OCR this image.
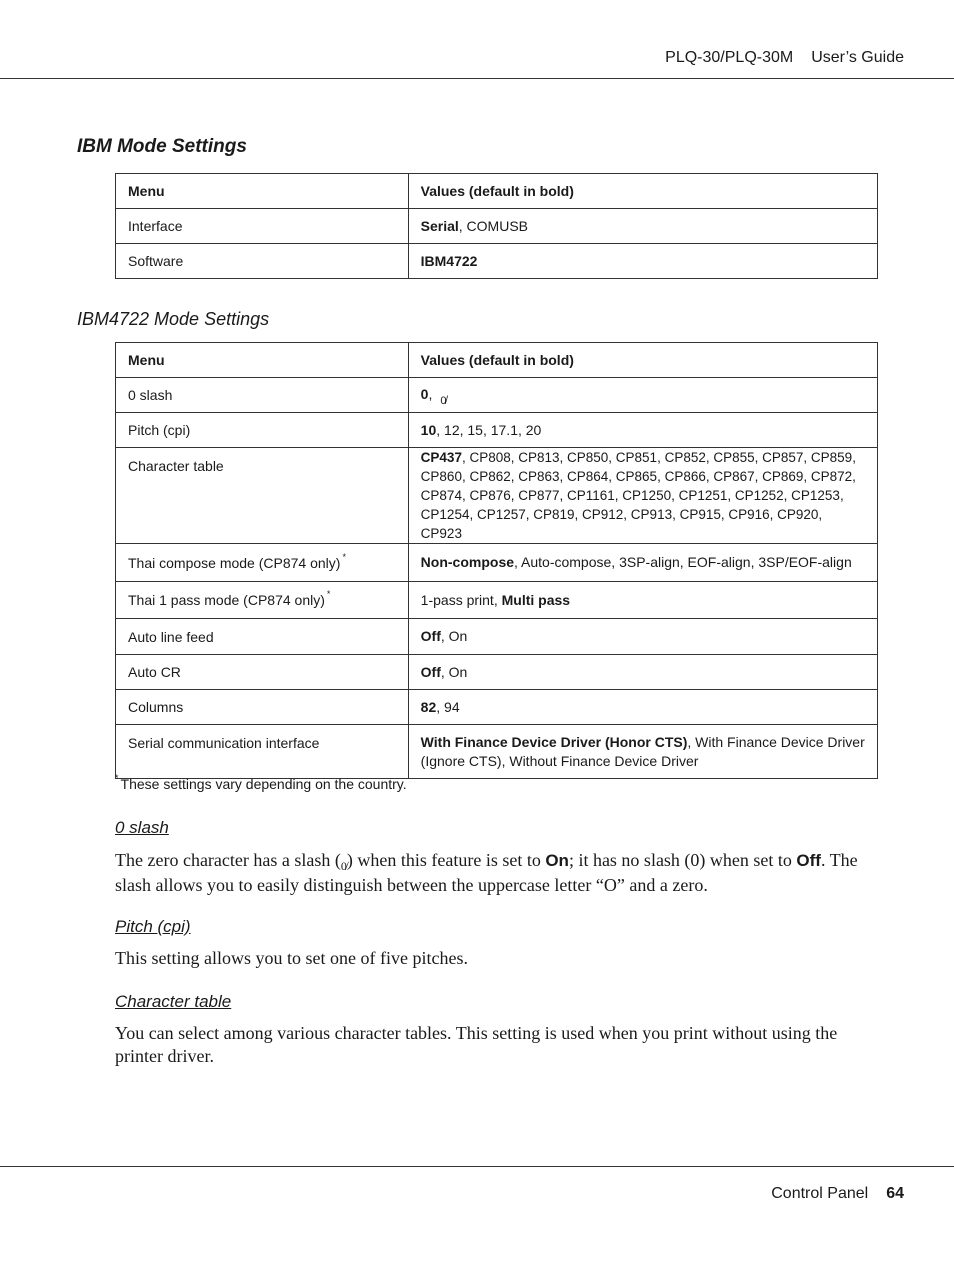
PLQ-30/PLQ-30M User’s Guide
IBM Mode Settings
Menu	Values (default in bold)
Interface	Serial, COMUSB
Software	IBM4722
IBM4722 Mode Settings
Menu	Values (default in bold)
0 slash	0, 0̸
Pitch (cpi)	10, 12, 15, 17.1, 20
Character table	CP437, CP808, CP813, CP850, CP851, CP852, CP855, CP857, CP859, CP860, CP862, CP863, CP864, CP865, CP866, CP867, CP869, CP872, CP874, CP876, CP877, CP1161, CP1250, CP1251, CP1252, CP1253, CP1254, CP1257, CP819, CP912, CP913, CP915, CP916, CP920, CP923
Thai compose mode (CP874 only) *	Non-compose, Auto-compose, 3SP-align, EOF-align, 3SP/EOF-align
Thai 1 pass mode (CP874 only) *	1-pass print, Multi pass
Auto line feed	Off, On
Auto CR	Off, On
Columns	82, 94
Serial communication interface	With Finance Device Driver (Honor CTS), With Finance Device Driver (Ignore CTS), Without Finance Device Driver
* These settings vary depending on the country.
0 slash
The zero character has a slash $(_{0̸})$ when this feature is set to On; it has no slash (0) when set to Off. The slash allows you to easily distinguish between the uppercase letter “O” and a zero.
Pitch (cpi)
This setting allows you to set one of five pitches.
Character table
You can select among various character tables. This setting is used when you print without using the printer driver.
Control Panel 64
